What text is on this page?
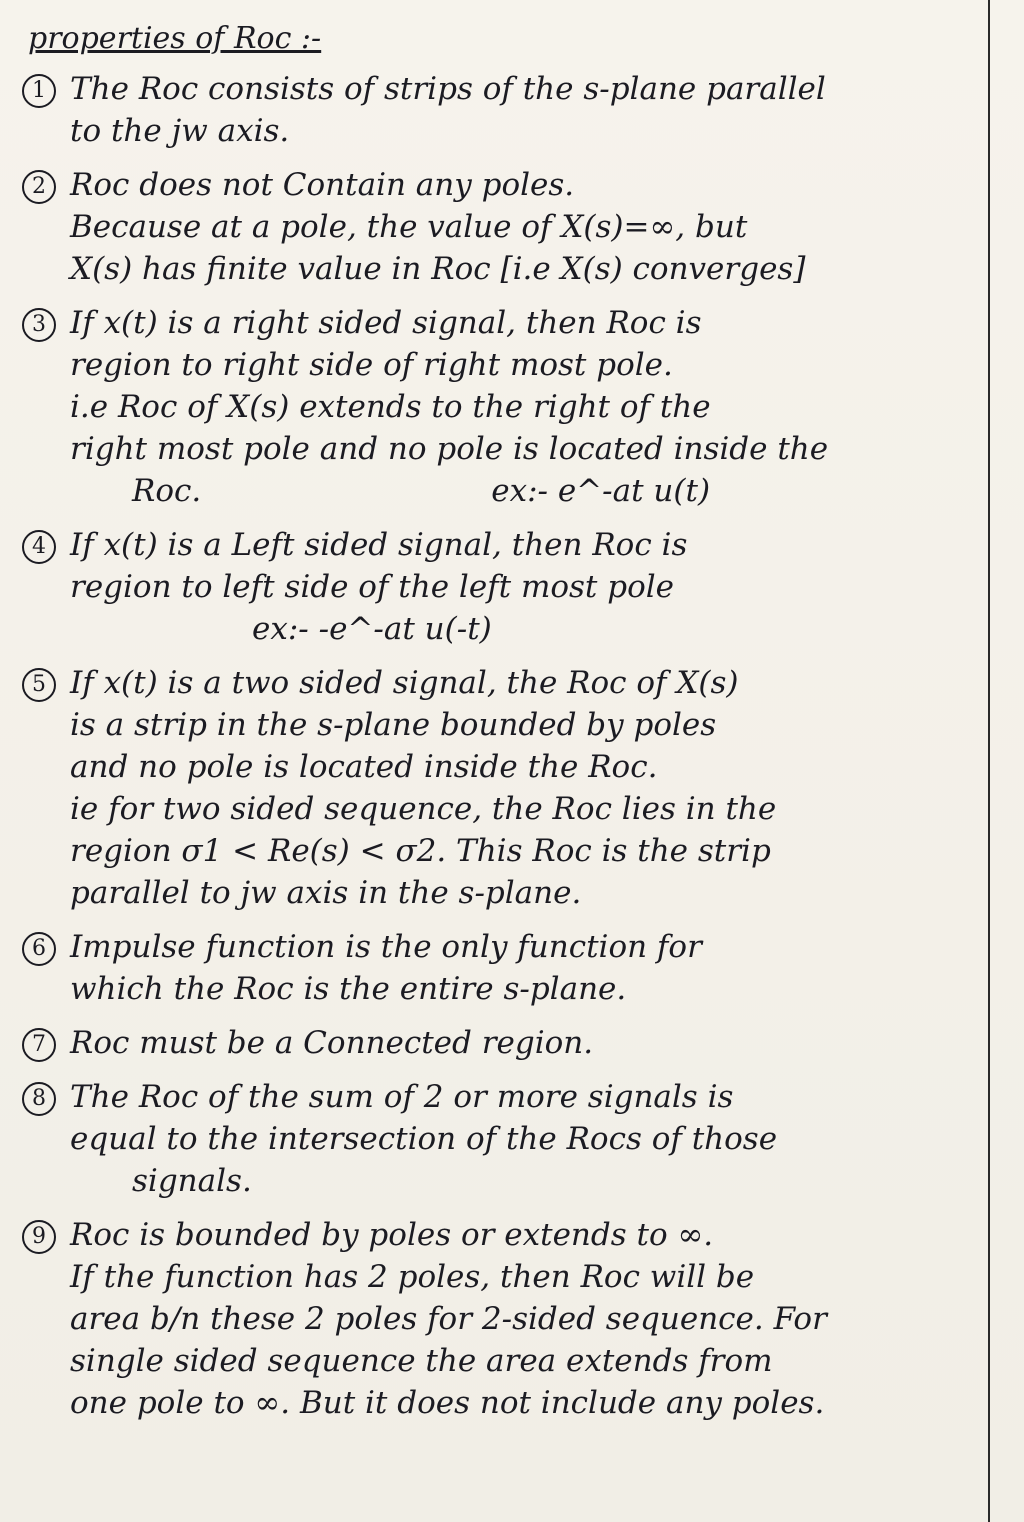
properties of Roc :-
1 The Roc consists of strips of the s-plane parallel
to the jw axis.
2 Roc does not Contain any poles.
Because at a pole, the value of X(s)=∞, but
X(s) has finite value in Roc [i.e X(s) converges]
3 If x(t) is a right sided signal, then Roc is
region to right side of right most pole.
i.e Roc of X(s) extends to the right of the
right most pole and no pole is located inside the
Roc.	ex:- e^-at u(t)
4 If x(t) is a Left sided signal, then Roc is
region to left side of the left most pole
ex:- -e^-at u(-t)
5 If x(t) is a two sided signal, the Roc of X(s)
is a strip in the s-plane bounded by poles
and no pole is located inside the Roc.
ie for two sided sequence, the Roc lies in the
region σ1 < Re(s) < σ2. This Roc is the strip
parallel to jw axis in the s-plane.
6 Impulse function is the only function for
which the Roc is the entire s-plane.
7 Roc must be a Connected region.
8 The Roc of the sum of 2 or more signals is
equal to the intersection of the Rocs of those
signals.
9 Roc is bounded by poles or extends to ∞.
If the function has 2 poles, then Roc will be
area b/n these 2 poles for 2-sided sequence. For
single sided sequence the area extends from
one pole to ∞. But it does not include any poles.
